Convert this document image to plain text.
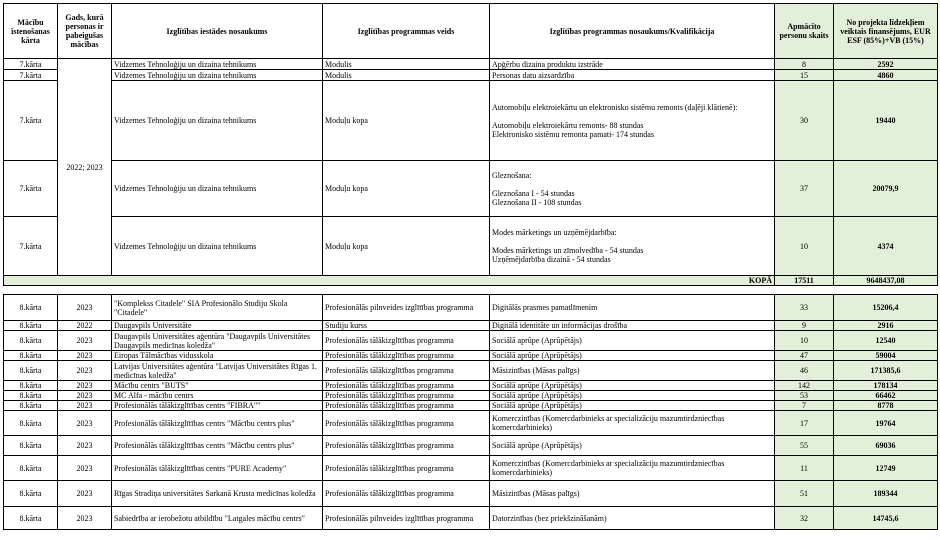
Mācību īstenošanas kārta	Gads, kurā personas ir pabeigušas mācības	Izglītības iestādes nosaukums	Izglītības programmas veids	Izglītības programmas nosaukums/Kvalifikācija	Apmācīto personu skaits	No projekta līdzekļiem veiktais finansējums, EUR ESF (85%)+VB (15%)
7.kārta	2022; 2023	Vidzemes Tehnoloģiju un dizaina tehnikums	Modulis	Apģērbu dizaina produktu izstrāde	8	2592
7.kārta		Vidzemes Tehnoloģiju un dizaina tehnikums	Modulis	Personas datu aizsardzība	15	4860
7.kārta		Vidzemes Tehnoloģiju un dizaina tehnikums	Moduļu kopa	Automobiļu elektroiekārtu un elektronisko sistēmu remonts (daļēji klātienē):
Automobiļu elektroiekārtu remonts- 88 stundas
Elektronisko sistēmu remonta pamati- 174 stundas	30	19440
7.kārta		Vidzemes Tehnoloģiju un dizaina tehnikums	Moduļu kopa	Gleznošana:
Gleznošana I - 54 stundas
Gleznošana II - 108 stundas	37	20079,9
7.kārta		Vidzemes Tehnoloģiju un dizaina tehnikums	Moduļu kopa	Modes mārketings un uzņēmējdarbība:
Modes mārketings un zīmolvedība - 54 stundas
Uzņēmējdarbība dizainā - 54 stundas	10	4374
KOPĀ					17511	9648437,08
8.kārta	2023	"Komplekss Citadele" SIA Profesionālo Studiju Skola "Citadele"	Profesionālās pilnveides izglītības programma	Digitālās prasmes pamatlīmenim	33	15206,4
8.kārta	2022	Daugavpils Universitāte	Studiju kurss	Digitālā identitāte un informācijas drošība	9	2916
8.kārta	2023	Daugavpils Universitātes aģentūra "Daugavpils Universitātes Daugavpils medicīnas koledža"	Profesionālās tālākizglītības programma	Sociālā aprūpe (Aprūpētājs)	10	12540
8.kārta	2023	Eiropas Tālmācības vidusskola	Profesionālās tālākizglītības programma	Sociālā aprūpe (Aprūpētājs)	47	59004
8.kārta	2023	Latvijas Universitātes aģentūra "Latvijas Universitātes Rīgas 1. medicīnas koledža"	Profesionālās tālākizglītības programma	Māsizinības (Māsas palīgs)	46	171385,6
8.kārta	2023	Mācību centrs "BUTS"	Profesionālās tālākizglītības programma	Sociālā aprūpe (Aprūpētājs)	142	178134
8.kārta	2023	MC Alfa - mācību centrs	Profesionālās tālākizglītības programma	Sociālā aprūpe (Aprūpētājs)	53	66462
8.kārta	2023	Profesionālās tālākizglītības centrs "FIBRA""	Profesionālās tālākizglītības programma	Sociālā aprūpe (Aprūpētājs)	7	8778
8.kārta	2023	Profesionālās tālākizglītības centrs "Mācību centrs plus"	Profesionālās tālākizglītības programma	Komerczinības (Komercdarbinieks ar specializāciju mazumtirdzniecības komercdarbinieks)	17	19764
8.kārta	2023	Profesionālās tālākizglītības centrs "Mācību centrs plus"	Profesionālās tālākizglītības programma	Sociālā aprūpe (Aprūpētājs)	55	69036
8.kārta	2023	Profesionālās tālākizglītības centrs "PURE Academy"	Profesionālās tālākizglītības programma	Komerczinības (Komercdarbinieks ar specializāciju mazumtirdzniecības komercdarbinieks)	11	12749
8.kārta	2023	Rīgas Stradiņa universitātes Sarkanā Krusta medicīnas koledža	Profesionālās tālākizglītības programma	Māsizinības (Māsas palīgs)	51	189344
8.kārta	2023	Sabiedrība ar ierobežotu atbildību "Latgales mācību centrs"	Profesionālās pilnveides izglītības programma	Datorzinības (bez priekšzināšanām)	32	14745,6
